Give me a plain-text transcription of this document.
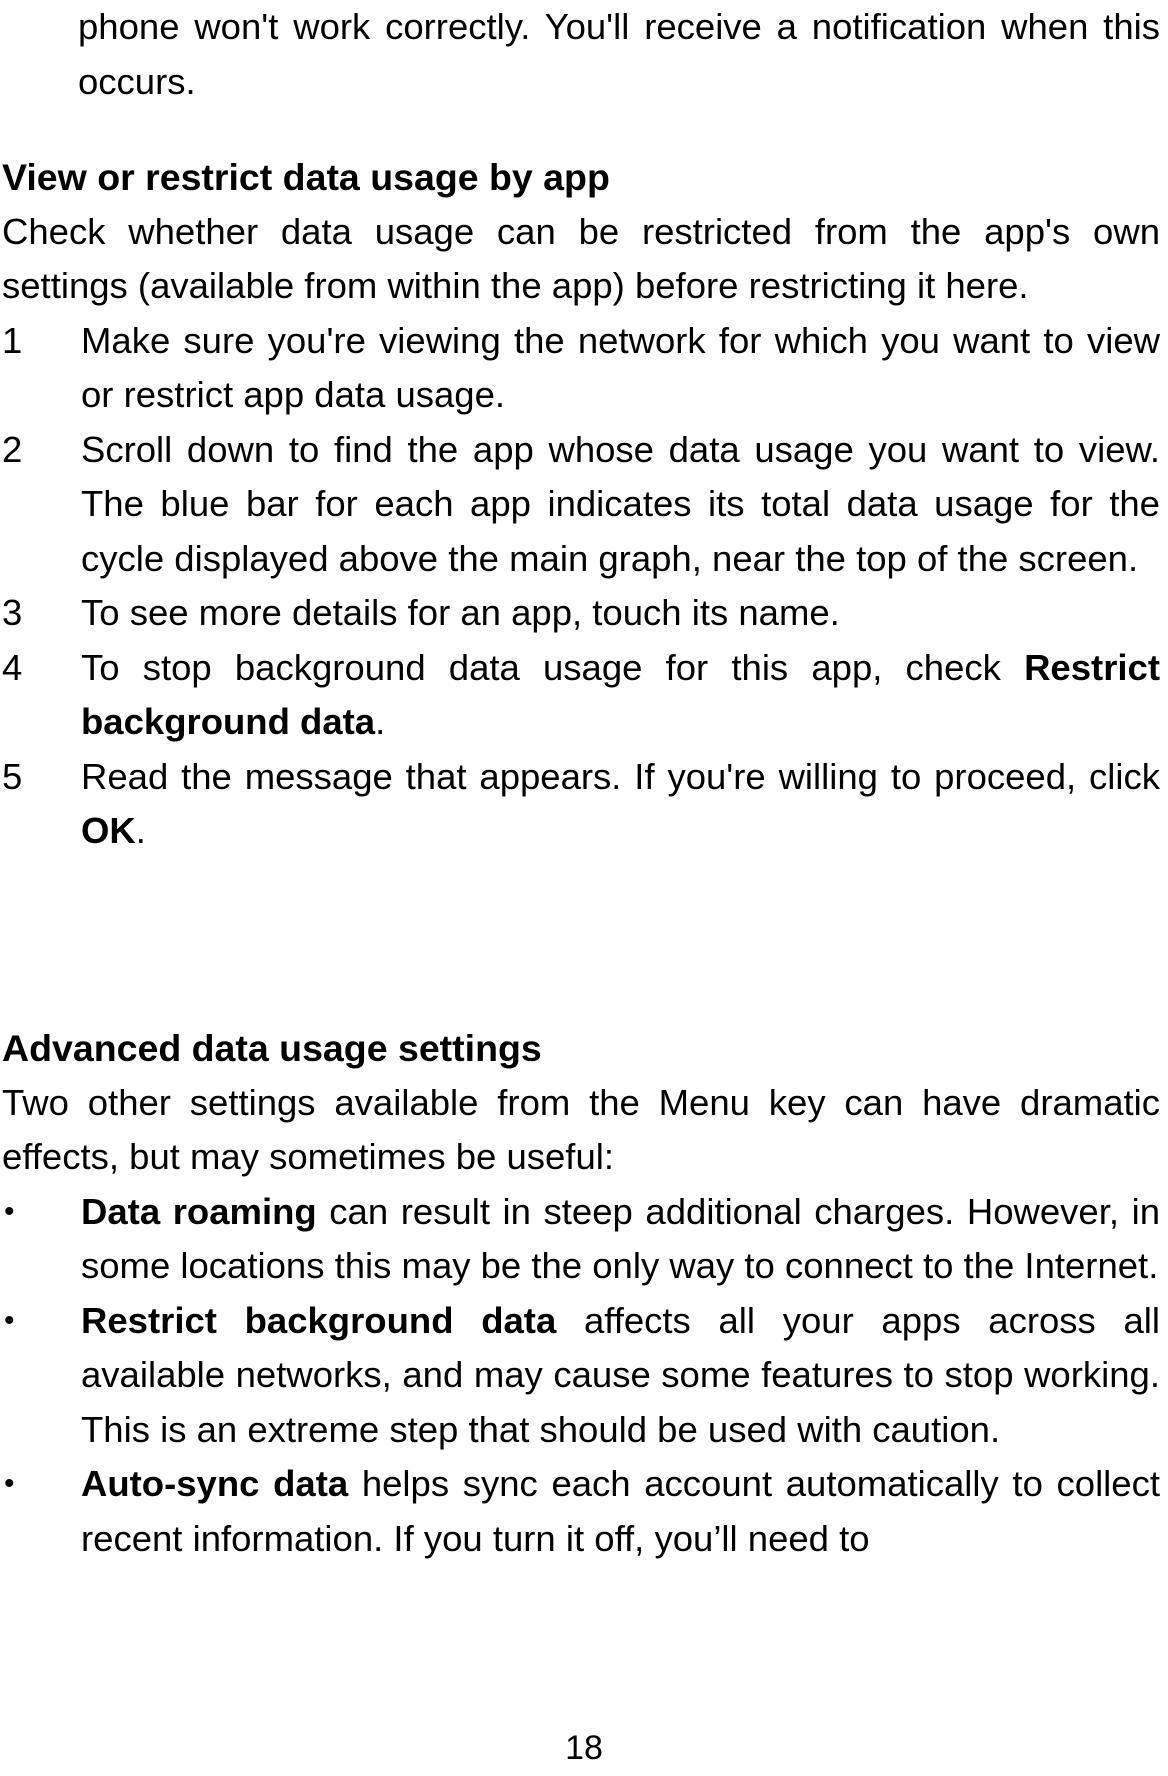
phone won't work correctly. You'll receive a notification when this occurs.

View or restrict data usage by app

Check whether data usage can be restricted from the app's own settings (available from within the app) before restricting it here.

1	Make sure you're viewing the network for which you want to view or restrict app data usage.
2	Scroll down to find the app whose data usage you want to view. The blue bar for each app indicates its total data usage for the cycle displayed above the main graph, near the top of the screen.
3	To see more details for an app, touch its name.
4	To stop background data usage for this app, check Restrict background data.
5	Read the message that appears. If you're willing to proceed, click OK.
Advanced data usage settings

Two other settings available from the Menu key can have dramatic effects, but may sometimes be useful:

•	Data roaming can result in steep additional charges. However, in some locations this may be the only way to connect to the Internet.
•	Restrict background data affects all your apps across all available networks, and may cause some features to stop working. This is an extreme step that should be used with caution.
•	Auto-sync data helps sync each account automatically to collect recent information. If you turn it off, you’ll need to
18
